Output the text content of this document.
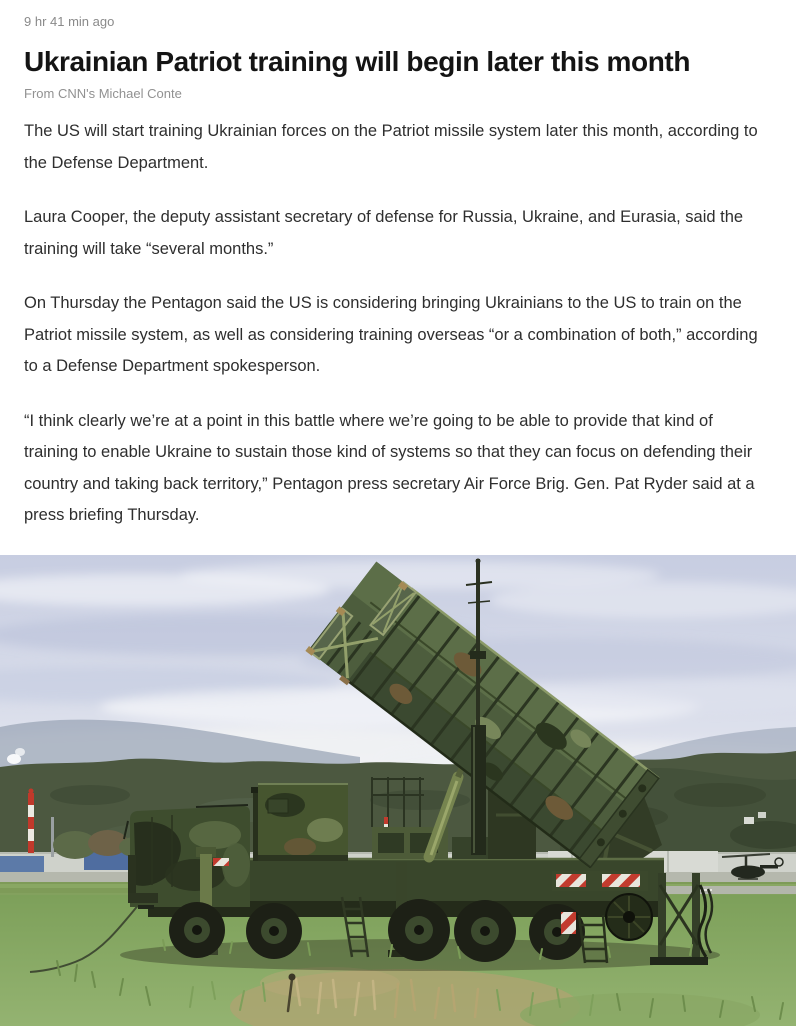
9 hr 41 min ago
Ukrainian Patriot training will begin later this month
From CNN's Michael Conte

The US will start training Ukrainian forces on the Patriot missile system later this month, according to the Defense Department.

Laura Cooper, the deputy assistant secretary of defense for Russia, Ukraine, and Eurasia, said the training will take “several months.”

On Thursday the Pentagon said the US is considering bringing Ukrainians to the US to train on the Patriot missile system, as well as considering training overseas “or a combination of both,” according to a Defense Department spokesperson.

“I think clearly we’re at a point in this battle where we’re going to be able to provide that kind of training to enable Ukraine to sustain those kind of systems so that they can focus on defending their country and taking back territory,” Pentagon press secretary Air Force Brig. Gen. Pat Ryder said at a press briefing Thursday.
